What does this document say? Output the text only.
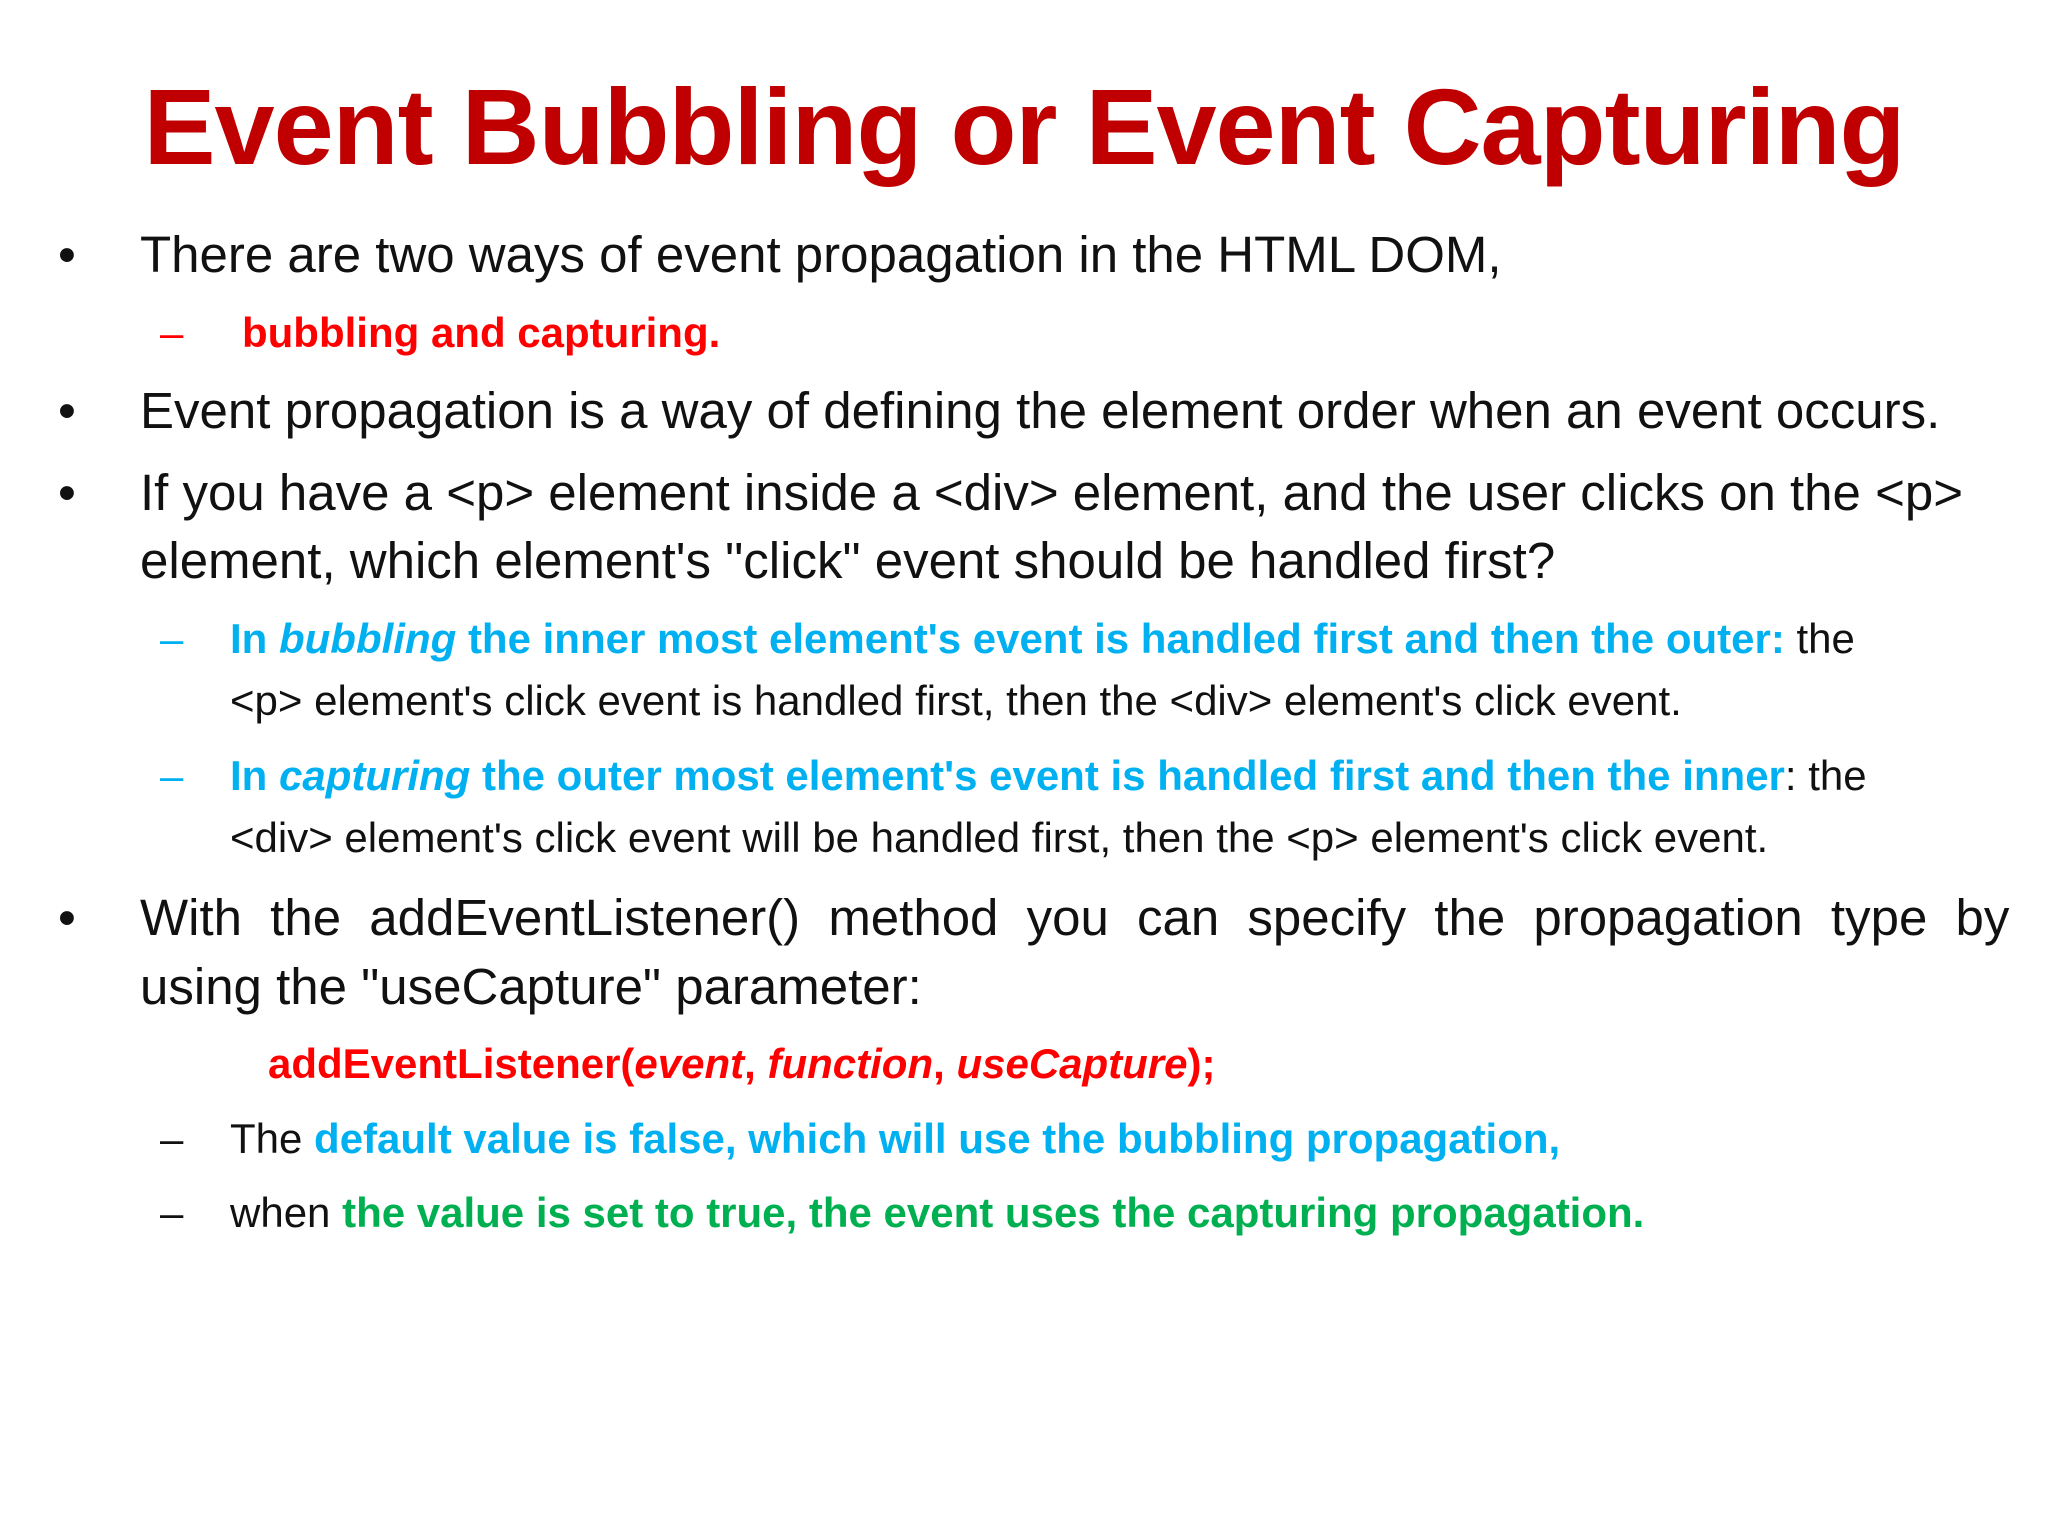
Event Bubbling or Event Capturing
• There are two ways of event propagation in the HTML DOM,
– bubbling and capturing.
• Event propagation is a way of defining the element order when an event occurs.
• If you have a <p> element inside a <div> element, and the user clicks on the <p>
element, which element's "click" event should be handled first?
– In bubbling the inner most element's event is handled first and then the outer: the
<p> element's click event is handled first, then the <div> element's click event.
– In capturing the outer most element's event is handled first and then the inner: the
<div> element's click event will be handled first, then the <p> element's click event.
• With the addEventListener() method you can specify the propagation type by
using the "useCapture" parameter:
addEventListener(event, function, useCapture);
– The default value is false, which will use the bubbling propagation,
– when the value is set to true, the event uses the capturing propagation.
